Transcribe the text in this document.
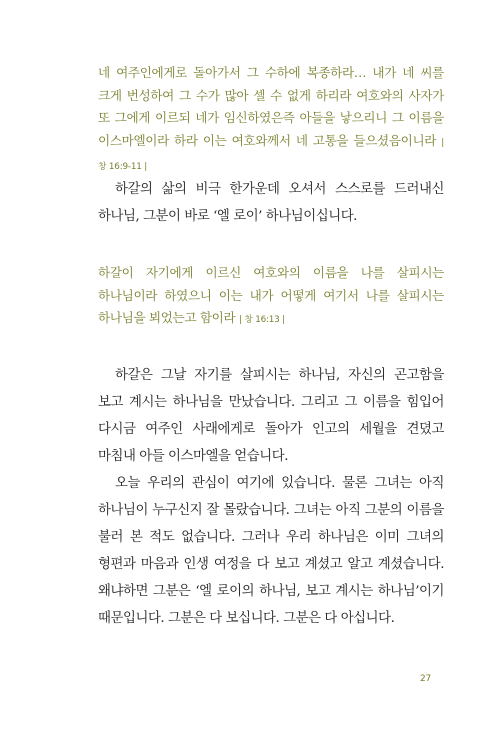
네 여주인에게로 돌아가서 그 수하에 복종하라… 내가 네 씨를 크게 번성하여 그 수가 많아 셀 수 없게 하리라 여호와의 사자가 또 그에게 이르되 네가 임신하였은즉 아들을 낳으리니 그 이름을 이스마엘이라 하라 이는 여호와께서 네 고통을 들으셨음이니라 | 창 16:9-11 |

하갈의 삶의 비극 한가운데 오셔서 스스로를 드러내신 하나님, 그분이 바로 ‘엘 로이’ 하나님이십니다.

하갈이 자기에게 이르신 여호와의 이름을 나를 살피시는 하나님이라 하였으니 이는 내가 어떻게 여기서 나를 살피시는 하나님을 뵈었는고 함이라 | 창 16:13 |

하갈은 그날 자기를 살피시는 하나님, 자신의 곤고함을 보고 계시는 하나님을 만났습니다. 그리고 그 이름을 힘입어 다시금 여주인 사래에게로 돌아가 인고의 세월을 견뎠고 마침내 아들 이스마엘을 얻습니다.

오늘 우리의 관심이 여기에 있습니다. 물론 그녀는 아직 하나님이 누구신지 잘 몰랐습니다. 그녀는 아직 그분의 이름을 불러 본 적도 없습니다. 그러나 우리 하나님은 이미 그녀의 형편과 마음과 인생 여정을 다 보고 계셨고 알고 계셨습니다. 왜냐하면 그분은 ‘엘 로이의 하나님, 보고 계시는 하나님’이기 때문입니다. 그분은 다 보십니다. 그분은 다 아십니다.

27
